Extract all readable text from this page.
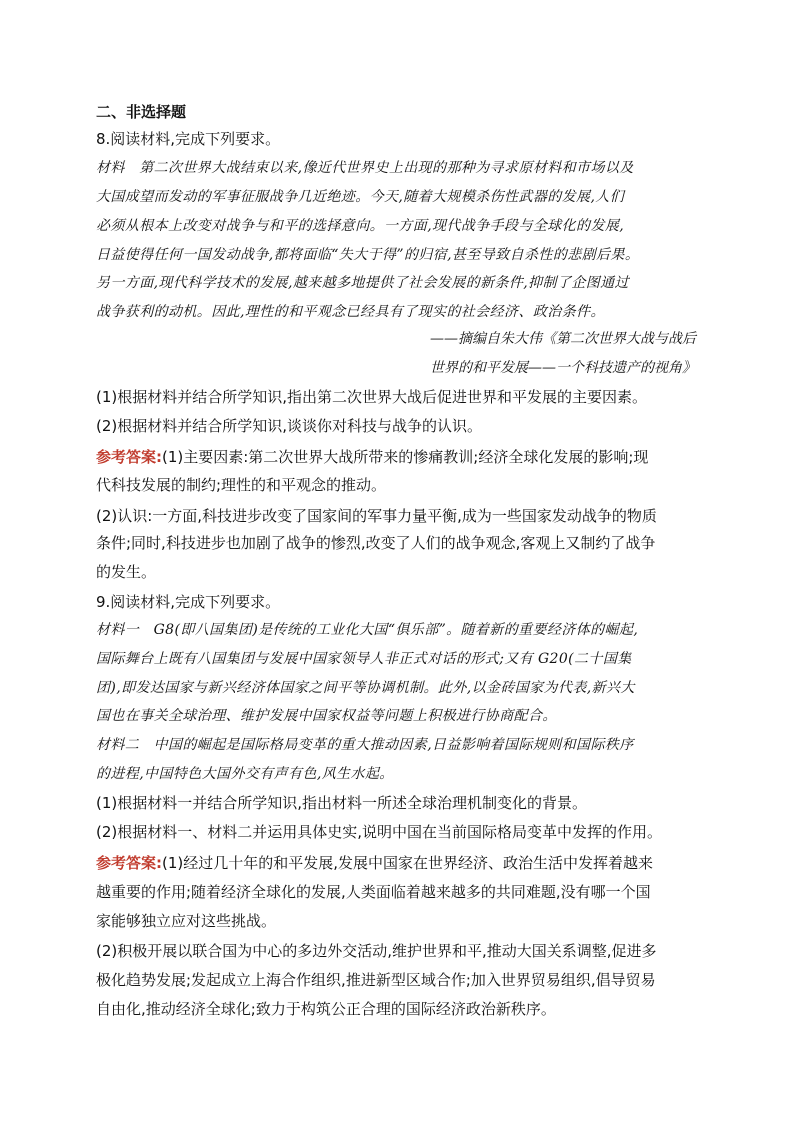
二、非选择题
8.阅读材料,完成下列要求。
材料　第二次世界大战结束以来,像近代世界史上出现的那种为寻求原材料和市场以及
大国成望而发动的军事征服战争几近绝迹。今天,随着大规模杀伤性武器的发展,人们
必须从根本上改变对战争与和平的选择意向。一方面,现代战争手段与全球化的发展,
日益使得任何一国发动战争,都将面临“失大于得”的归宿,甚至导致自杀性的悲剧后果。
另一方面,现代科学技术的发展,越来越多地提供了社会发展的新条件,抑制了企图通过
战争获利的动机。因此,理性的和平观念已经具有了现实的社会经济、政治条件。
——摘编自朱大伟《第二次世界大战与战后
世界的和平发展——一个科技遗产的视角》
(1)根据材料并结合所学知识,指出第二次世界大战后促进世界和平发展的主要因素。
(2)根据材料并结合所学知识,谈谈你对科技与战争的认识。
参考答案:(1)主要因素:第二次世界大战所带来的惨痛教训;经济全球化发展的影响;现
代科技发展的制约;理性的和平观念的推动。
(2)认识:一方面,科技进步改变了国家间的军事力量平衡,成为一些国家发动战争的物质
条件;同时,科技进步也加剧了战争的惨烈,改变了人们的战争观念,客观上又制约了战争
的发生。
9.阅读材料,完成下列要求。
材料一　G8(即八国集团)是传统的工业化大国“俱乐部”。随着新的重要经济体的崛起,
国际舞台上既有八国集团与发展中国家领导人非正式对话的形式;又有 G20(二十国集
团),即发达国家与新兴经济体国家之间平等协调机制。此外,以金砖国家为代表,新兴大
国也在事关全球治理、维护发展中国家权益等问题上积极进行协商配合。
材料二　中国的崛起是国际格局变革的重大推动因素,日益影响着国际规则和国际秩序
的进程,中国特色大国外交有声有色,风生水起。
(1)根据材料一并结合所学知识,指出材料一所述全球治理机制变化的背景。
(2)根据材料一、材料二并运用具体史实,说明中国在当前国际格局变革中发挥的作用。
参考答案:(1)经过几十年的和平发展,发展中国家在世界经济、政治生活中发挥着越来
越重要的作用;随着经济全球化的发展,人类面临着越来越多的共同难题,没有哪一个国
家能够独立应对这些挑战。
(2)积极开展以联合国为中心的多边外交活动,维护世界和平,推动大国关系调整,促进多
极化趋势发展;发起成立上海合作组织,推进新型区域合作;加入世界贸易组织,倡导贸易
自由化,推动经济全球化;致力于构筑公正合理的国际经济政治新秩序。
